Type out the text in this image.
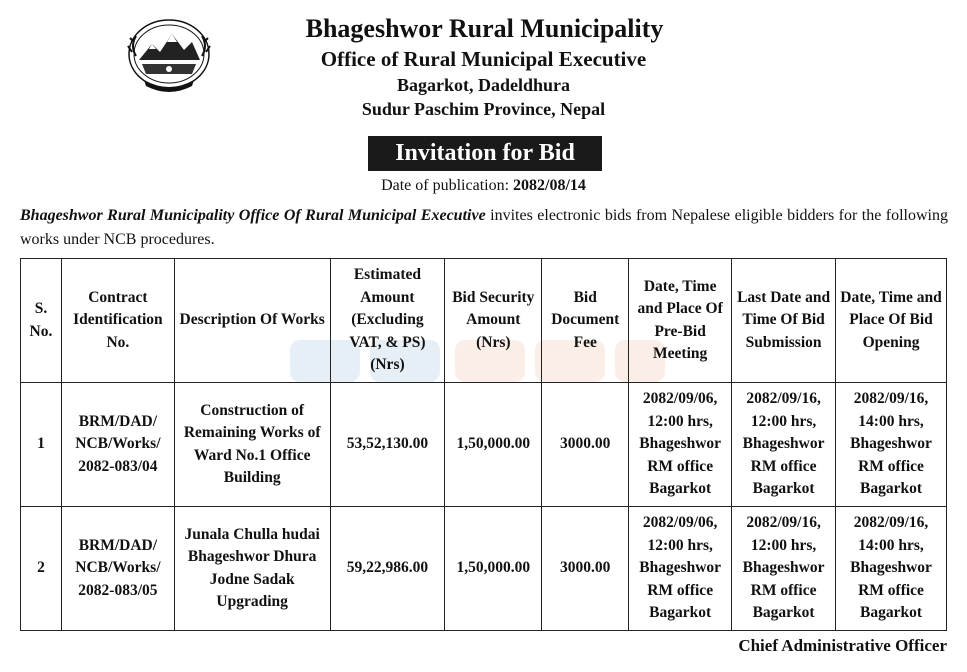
Bhageshwor Rural Municipality
Office of Rural Municipal Executive
Bagarkot, Dadeldhura
Sudur Paschim Province, Nepal
Invitation for Bid
Date of publication: 2082/08/14
Bhageshwor Rural Municipality Office Of Rural Municipal Executive invites electronic bids from Nepalese eligible bidders for the following works under NCB procedures.
S. No.	Contract Identification No.	Description Of Works	Estimated Amount (Excluding VAT, & PS) (Nrs)	Bid Security Amount (Nrs)	Bid Document Fee	Date, Time and Place Of Pre-Bid Meeting	Last Date and Time Of Bid Submission	Date, Time and Place Of Bid Opening
1	BRM/DAD/ NCB/Works/ 2082-083/04	Construction of Remaining Works of Ward No.1 Office Building	53,52,130.00	1,50,000.00	3000.00	2082/09/06, 12:00 hrs, Bhageshwor RM office Bagarkot	2082/09/16, 12:00 hrs, Bhageshwor RM office Bagarkot	2082/09/16, 14:00 hrs, Bhageshwor RM office Bagarkot
2	BRM/DAD/ NCB/Works/ 2082-083/05	Junala Chulla hudai Bhageshwor Dhura Jodne Sadak Upgrading	59,22,986.00	1,50,000.00	3000.00	2082/09/06, 12:00 hrs, Bhageshwor RM office Bagarkot	2082/09/16, 12:00 hrs, Bhageshwor RM office Bagarkot	2082/09/16, 14:00 hrs, Bhageshwor RM office Bagarkot
Chief Administrative Officer
